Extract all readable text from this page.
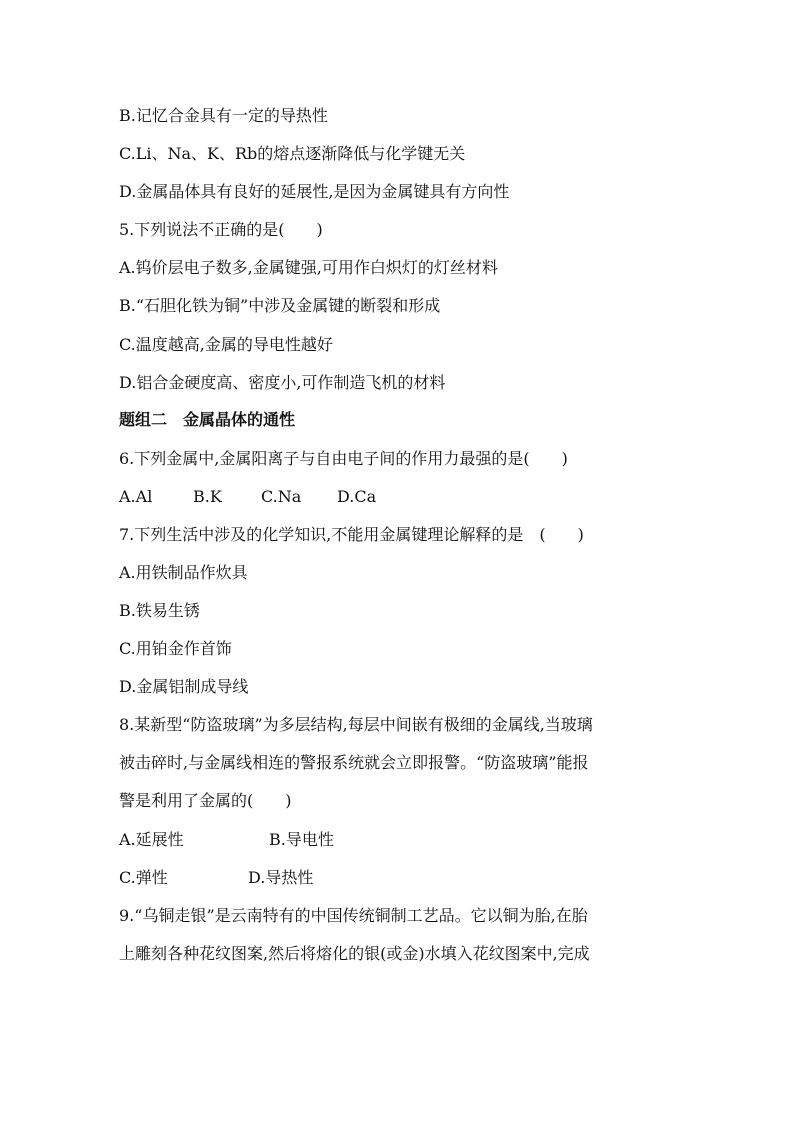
B.记忆合金具有一定的导热性
C.Li、Na、K、Rb的熔点逐渐降低与化学键无关
D.金属晶体具有良好的延展性,是因为金属键具有方向性
5.下列说法不正确的是(　　)
A.钨价层电子数多,金属键强,可用作白炽灯的灯丝材料
B.“石胆化铁为铜”中涉及金属键的断裂和形成
C.温度越高,金属的导电性越好
D.铝合金硬度高、密度小,可作制造飞机的材料
题组二　金属晶体的通性
6.下列金属中,金属阳离子与自由电子间的作用力最强的是(　　)
A.Al	B.K C.Na D.Ca
7.下列生活中涉及的化学知识,不能用金属键理论解释的是　(　　)
A.用铁制品作炊具
B.铁易生锈
C.用铂金作首饰
D.金属铝制成导线
8.某新型“防盗玻璃”为多层结构,每层中间嵌有极细的金属线,当玻璃
被击碎时,与金属线相连的警报系统就会立即报警。“防盗玻璃”能报
警是利用了金属的(　　)
A.延展性	B.导电性
C.弹性	D.导热性
9.“乌铜走银”是云南特有的中国传统铜制工艺品。它以铜为胎,在胎
上雕刻各种花纹图案,然后将熔化的银(或金)水填入花纹图案中,完成
